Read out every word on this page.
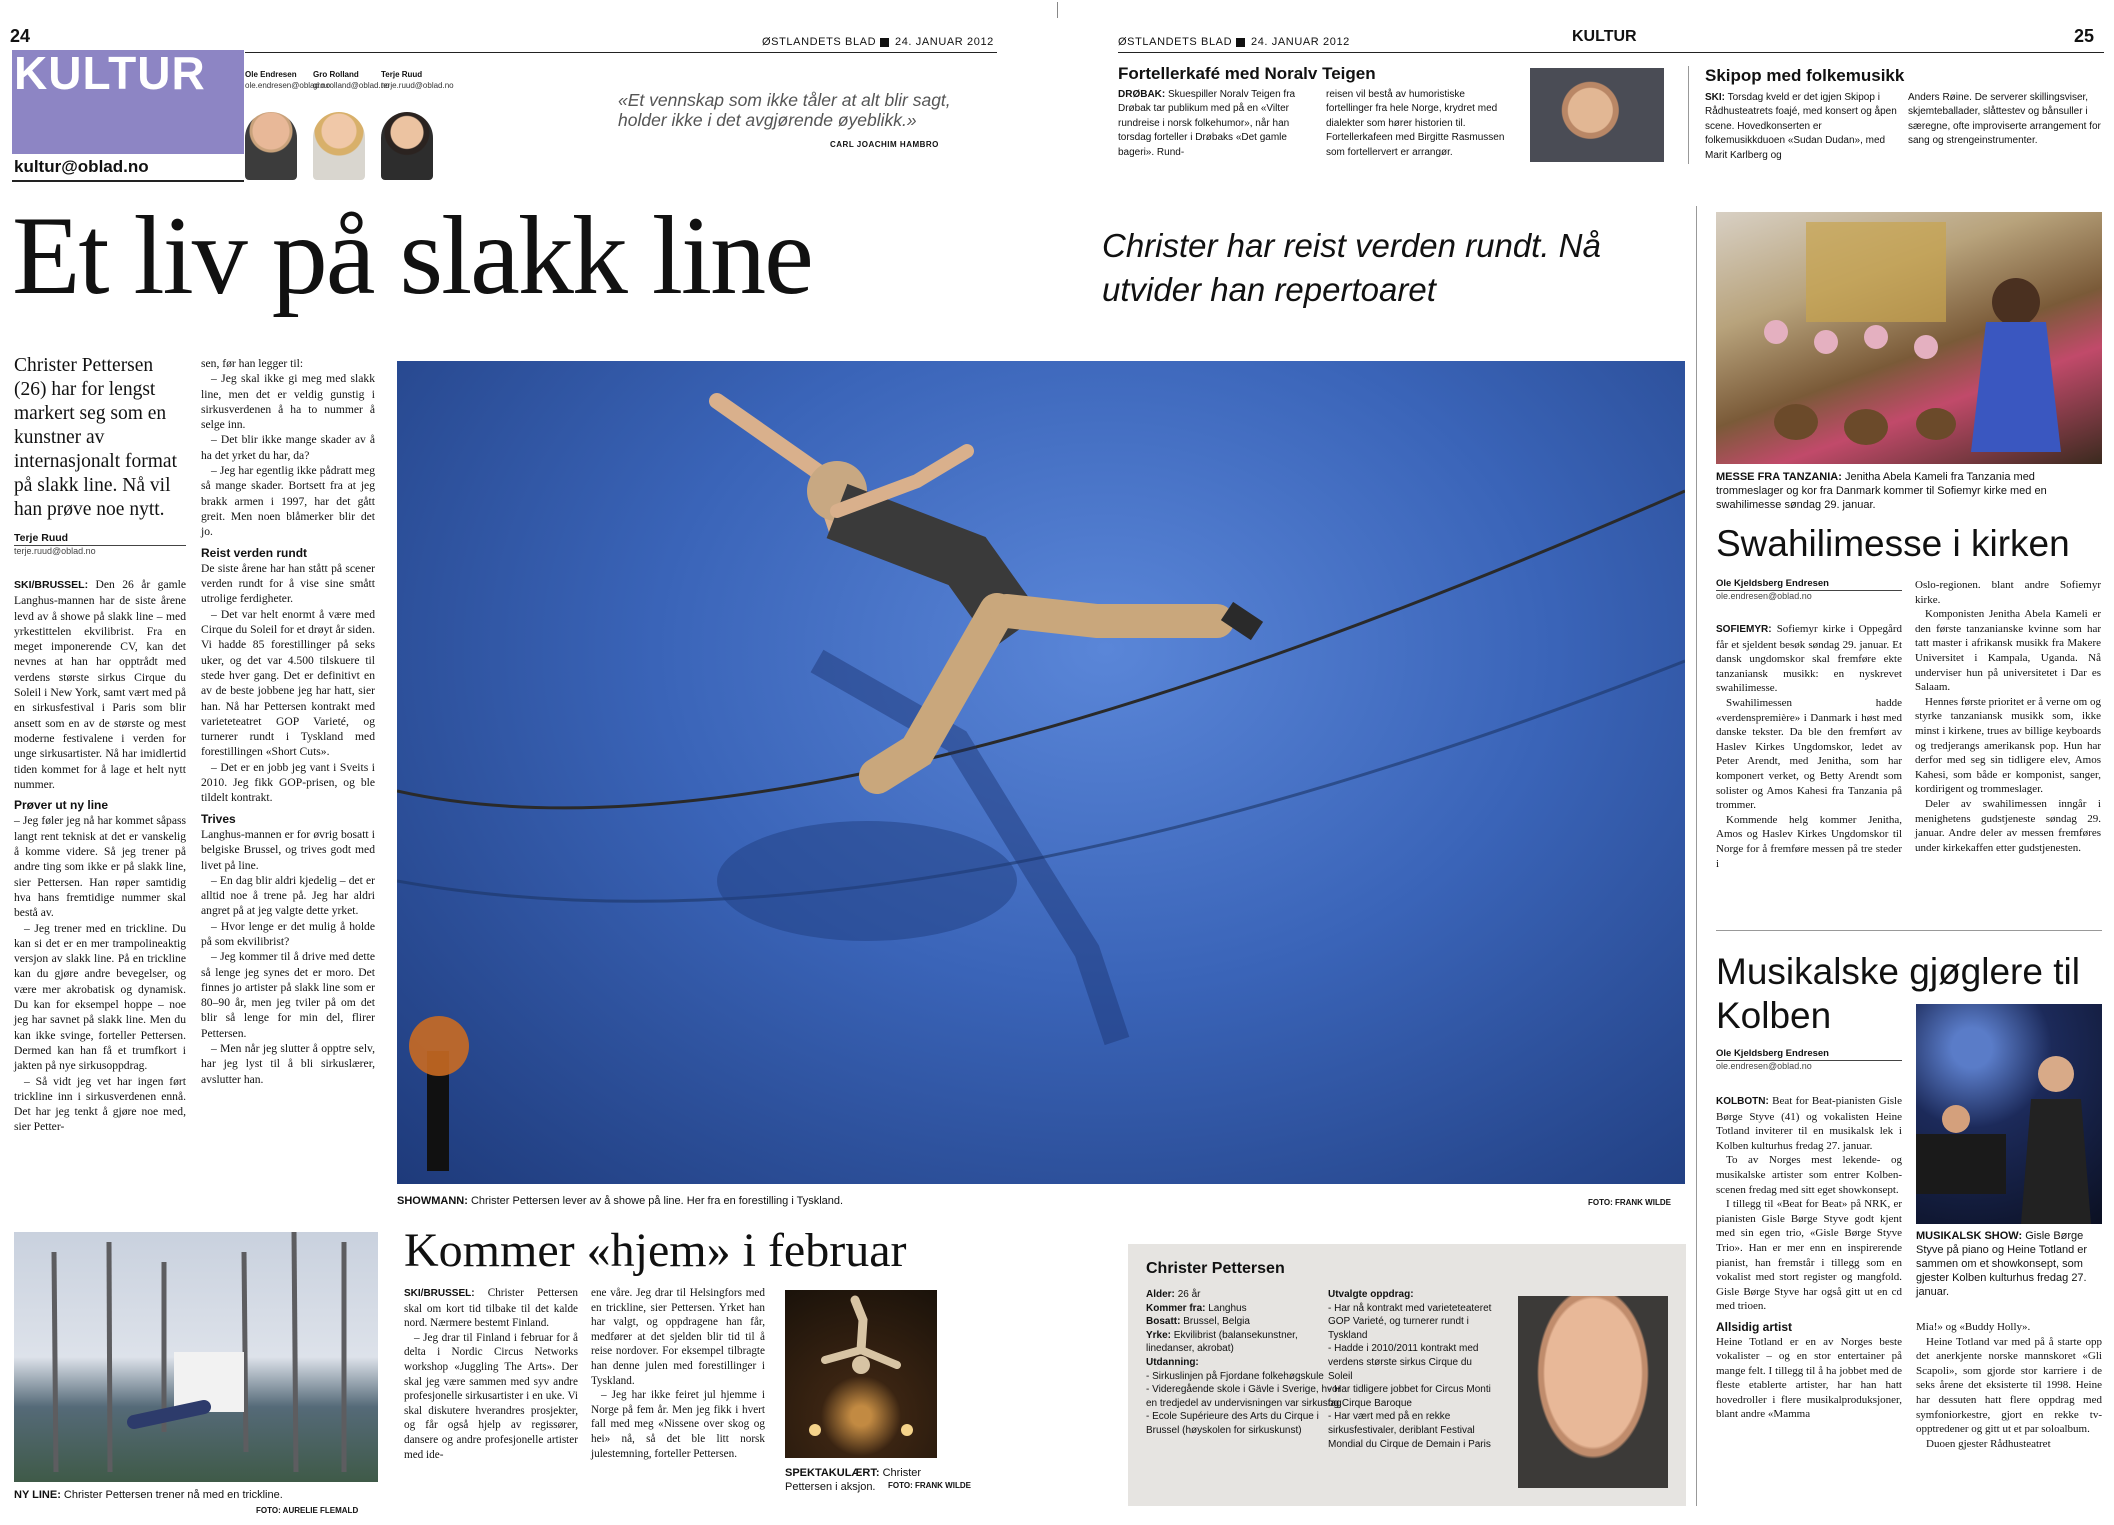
24
KULTUR
kultur@oblad.no
Ole Endresen
ole.endresen@oblad.no
Gro Rolland
gro.rolland@oblad.no
Terje Ruud
terje.ruud@oblad.no
«Et vennskap som ikke tåler at alt blir sagt, holder ikke i det avgjørende øyeblikk.»
CARL JOACHIM HAMBRO
ØSTLANDETS BLAD 24. JANUAR 2012	ØSTLANDETS BLAD 24. JANUAR 2012	KULTUR	25
Fortellerkafé med Noralv Teigen
DRØBAK: Skuespiller Noralv Teigen fra Drøbak tar publikum med på en «Vilter rundreise i norsk folkehumor», når han torsdag forteller i Drøbaks «Det gamle bageri». Rund-
reisen vil bestå av humoristiske fortellinger fra hele Norge, krydret med dialekter som hører historien til. Fortellerkafeen med Birgitte Rasmussen som fortellervert er arrangør.
Skipop med folkemusikk
SKI: Torsdag kveld er det igjen Skipop i Rådhusteatrets foajé, med konsert og åpen scene. Hovedkonserten er folkemusikkduoen «Sudan Dudan», med Marit Karlberg og
Anders Røine. De serverer skillingsviser, skjemteballader, slåttestev og bånsuller i særegne, ofte improviserte arrangement for sang og strengeinstrumenter.
Et liv på slakk line	Christer har reist verden rundt. Nå utvider han repertoaret
Christer Pettersen (26) har for lengst markert seg som en kunstner av internasjonalt format på slakk line. Nå vil han prøve noe nytt.
Terje Ruud
terje.ruud@oblad.no

SKI/BRUSSEL: Den 26 år gamle Langhus-mannen har de siste årene levd av å showe på slakk line – med yrkestittelen ekvilibrist. Fra en meget imponerende CV, kan det nevnes at han har opptrådt med verdens største sirkus Cirque du Soleil i New York, samt vært med på en sirkusfestival i Paris som blir ansett som en av de største og mest moderne festivalene i verden for unge sirkusartister. Nå har imidlertid tiden kommet for å lage et helt nytt nummer.

Prøver ut ny line

– Jeg føler jeg nå har kommet såpass langt rent teknisk at det er vanskelig å komme videre. Så jeg trener på andre ting som ikke er på slakk line, sier Pettersen. Han røper samtidig hva hans fremtidige nummer skal bestå av.

– Jeg trener med en trickline. Du kan si det er en mer trampolineaktig versjon av slakk line. På en trickline kan du gjøre andre bevegelser, og være mer akrobatisk og dynamisk. Du kan for eksempel hoppe – noe jeg har savnet på slakk line. Men du kan ikke svinge, forteller Pettersen. Dermed kan han få et trumfkort i jakten på nye sirkusoppdrag.

– Så vidt jeg vet har ingen ført trickline inn i sirkusverdenen ennå. Det har jeg tenkt å gjøre noe med, sier Petter-

sen, før han legger til:

– Jeg skal ikke gi meg med slakk line, men det er veldig gunstig i sirkusverdenen å ha to nummer å selge inn.

– Det blir ikke mange skader av å ha det yrket du har, da?

– Jeg har egentlig ikke pådratt meg så mange skader. Bortsett fra at jeg brakk armen i 1997, har det gått greit. Men noen blåmerker blir det jo.

Reist verden rundt

De siste årene har han stått på scener verden rundt for å vise sine smått utrolige ferdigheter.

– Det var helt enormt å være med Cirque du Soleil for et drøyt år siden. Vi hadde 85 forestillinger på seks uker, og det var 4.500 tilskuere til stede hver gang. Det er definitivt en av de beste jobbene jeg har hatt, sier han. Nå har Pettersen kontrakt med varieteteatret GOP Varieté, og turnerer rundt i Tyskland med forestillingen «Short Cuts».

– Det er en jobb jeg vant i Sveits i 2010. Jeg fikk GOP-prisen, og ble tildelt kontrakt.

Trives

Langhus-mannen er for øvrig bosatt i belgiske Brussel, og trives godt med livet på line.

– En dag blir aldri kjedelig – det er alltid noe å trene på. Jeg har aldri angret på at jeg valgte dette yrket.

– Hvor lenge er det mulig å holde på som ekvilibrist?

– Jeg kommer til å drive med dette så lenge jeg synes det er moro. Det finnes jo artister på slakk line som er 80–90 år, men jeg tviler på om det blir så lenge for min del, flirer Pettersen.

– Men når jeg slutter å opptre selv, har jeg lyst til å bli sirkuslærer, avslutter han.

SHOWMANN: Christer Pettersen lever av å showe på line. Her fra en forestilling i Tyskland.	FOTO: FRANK WILDE
NY LINE: Christer Pettersen trener nå med en trickline.
FOTO: AURELIE FLEMALD
Kommer «hjem» i februar

SKI/BRUSSEL: Christer Pettersen skal om kort tid tilbake til det kalde nord. Nærmere bestemt Finland.

– Jeg drar til Finland i februar for å delta i Nordic Circus Networks workshop «Juggling The Arts». Der skal jeg være sammen med syv andre profesjonelle sirkusartister i en uke. Vi skal diskutere hverandres prosjekter, og får også hjelp av regissører, dansere og andre profesjonelle artister med ide-

ene våre. Jeg drar til Helsingfors med en trickline, sier Pettersen. Yrket han har valgt, og oppdragene han får, medfører at det sjelden blir tid til å reise nordover. For eksempel tilbragte han denne julen med forestillinger i Tyskland.

– Jeg har ikke feiret jul hjemme i Norge på fem år. Men jeg fikk i hvert fall med meg «Nissene over skog og hei» nå, så det ble litt norsk julestemning, forteller Pettersen.

SPEKTAKULÆRT: Christer Pettersen i aksjon.	FOTO: FRANK WILDE
Christer Pettersen
Alder: 26 år
Kommer fra: Langhus
Bosatt: Brussel, Belgia
Yrke: Ekvilibrist (balansekunstner, linedanser, akrobat)
Utdanning:
- Sirkuslinjen på Fjordane folkehøgskule
- Videregående skole i Gävle i Sverige, hvor en tredjedel av undervisningen var sirkusfag
- Ecole Supérieure des Arts du Cirque i Brussel (høyskolen for sirkuskunst)
Utvalgte oppdrag:
- Har nå kontrakt med varieteteateret GOP Varieté, og turnerer rundt i Tyskland
- Hadde i 2010/2011 kontrakt med verdens største sirkus Cirque du Soleil
- Har tidligere jobbet for Circus Monti og Cirque Baroque
- Har vært med på en rekke sirkusfestivaler, deriblant Festival Mondial du Cirque de Demain i Paris
MESSE FRA TANZANIA: Jenitha Abela Kameli fra Tanzania med trommeslager og kor fra Danmark kommer til Sofiemyr kirke med en swahilimesse søndag 29. januar.
Swahilimesse i kirken
Ole Kjeldsberg Endresen
ole.endresen@oblad.no

SOFIEMYR: Sofiemyr kirke i Oppegård får et sjeldent besøk søndag 29. januar. Et dansk ungdomskor skal fremføre ekte tanzaniansk musikk: en nyskrevet swahilimesse.

Swahilimessen hadde «verdenspremière» i Danmark i høst med danske tekster. Da ble den fremført av Haslev Kirkes Ungdomskor, ledet av Peter Arendt, med Jenitha, som har komponert verket, og Betty Arendt som solister og Amos Kahesi fra Tanzania på trommer.

Kommende helg kommer Jenitha, Amos og Haslev Kirkes Ungdomskor til Norge for å fremføre messen på tre steder i

Oslo-regionen. blant andre Sofiemyr kirke.

Komponisten Jenitha Abela Kameli er den første tanzanianske kvinne som har tatt master i afrikansk musikk fra Makere Universitet i Kampala, Uganda. Nå underviser hun på universitetet i Dar es Salaam.

Hennes første prioritet er å verne om og styrke tanzaniansk musikk som, ikke minst i kirkene, trues av billige keyboards og tredjerangs amerikansk pop. Hun har derfor med seg sin tidligere elev, Amos Kahesi, som både er komponist, sanger, kordirigent og trommeslager.

Deler av swahilimessen inngår i menighetens gudstjeneste søndag 29. januar. Andre deler av messen fremføres under kirkekaffen etter gudstjenesten.

Musikalske gjøglere til Kolben
Ole Kjeldsberg Endresen
ole.endresen@oblad.no

KOLBOTN: Beat for Beat-pianisten Gisle Børge Styve (41) og vokalisten Heine Totland inviterer til en musikalsk lek i Kolben kulturhus fredag 27. januar.

To av Norges mest lekende- og musikalske artister som entrer Kolben-scenen fredag med sitt eget showkonsept.

I tillegg til «Beat for Beat» på NRK, er pianisten Gisle Børge Styve godt kjent med sin egen trio, «Gisle Børge Styve Trio». Han er mer enn en inspirerende pianist, han fremstår i tillegg som en vokalist med stort register og mangfold. Gisle Børge Styve har også gitt ut en cd med trioen.

Allsidig artist

Heine Totland er en av Norges beste vokalister – og en stor entertainer på mange felt. I tillegg til å ha jobbet med de fleste etablerte artister, har han hatt hovedroller i flere musikalproduksjoner, blant andre «Mamma

MUSIKALSK SHOW: Gisle Børge Styve på piano og Heine Totland er sammen om et showkonsept, som gjester Kolben kulturhus fredag 27. januar.

Mia!» og «Buddy Holly».

Heine Totland var med på å starte opp det anerkjente norske mannskoret «Gli Scapoli», som gjorde stor karriere i de seks årene det eksisterte til 1998. Heine har dessuten hatt flere oppdrag med symfoniorkestre, gjort en rekke tv-opptredener og gitt ut et par soloalbum.

Duoen gjester Rådhusteatret
